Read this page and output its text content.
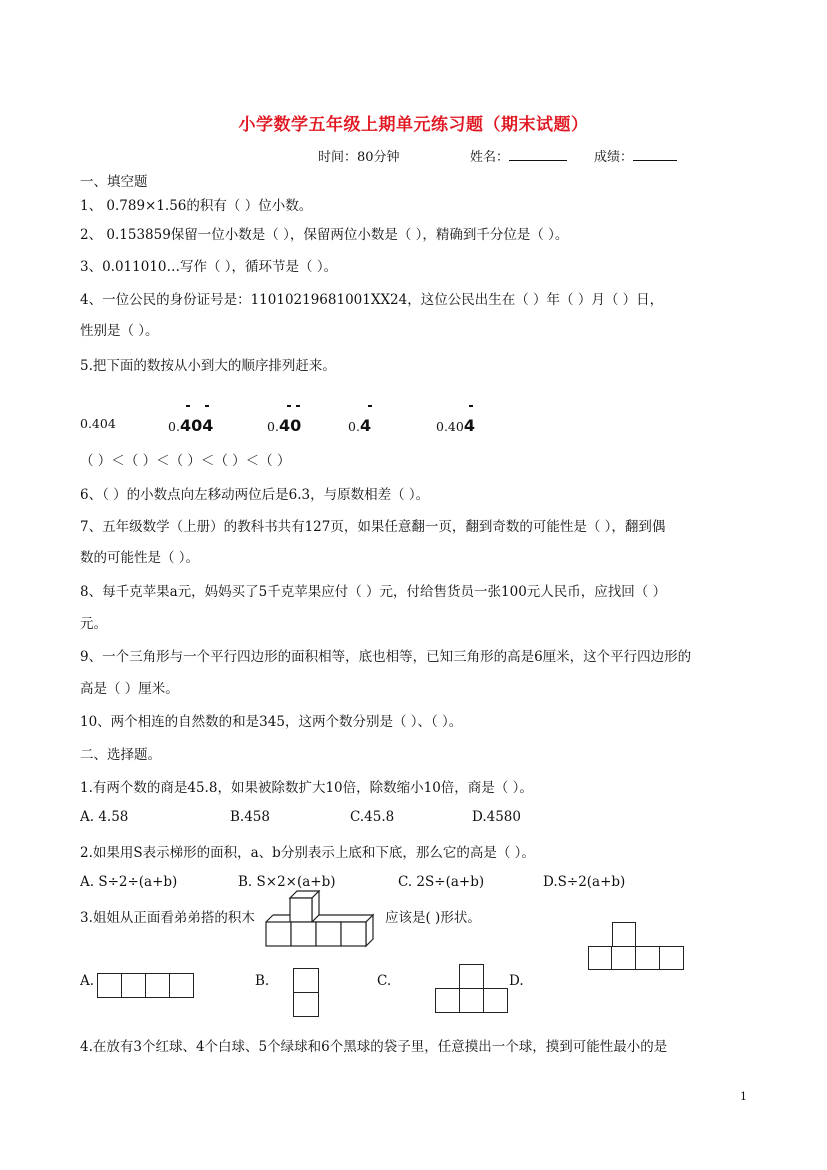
小学数学五年级上期单元练习题（期末试题）
时间：80分钟	姓名：	成绩：
一、填空题
1、 0.789×1.56的积有（ ）位小数。
2、 0.153859保留一位小数是（ ），保留两位小数是（ ），精确到千分位是（ ）。
3、0.011010…写作（ ），循环节是（ ）。
4、一位公民的身份证号是：11010219681001XX24，这位公民出生在（ ）年（ ）月（ ）日，
性别是（ ）。
5.把下面的数按从小到大的顺序排列赶来。
0.404	0.404	0.40	0.4	0.404
（ ）＜（ ）＜（ ）＜（ ）＜（ ）
6、（ ）的小数点向左移动两位后是6.3，与原数相差（ ）。
7、五年级数学（上册）的教科书共有127页，如果任意翻一页，翻到奇数的可能性是（ ），翻到偶
数的可能性是（ ）。
8、每千克苹果a元，妈妈买了5千克苹果应付（ ）元，付给售货员一张100元人民币，应找回（ ）
元。
9、一个三角形与一个平行四边形的面积相等，底也相等，已知三角形的高是6厘米，这个平行四边形的
高是（ ）厘米。
10、两个相连的自然数的和是345，这两个数分别是（ ）、（ ）。
二、选择题。
1.有两个数的商是45.8，如果被除数扩大10倍，除数缩小10倍，商是（ ）。
A. 4.58	B.458	C.45.8	D.4580
2.如果用S表示梯形的面积，a、b分别表示上底和下底，那么它的高是（ ）。
A. S÷2÷(a+b)	B. S×2×(a+b)	C. 2S÷(a+b)	D.S÷2(a+b)
3.姐姐从正面看弟弟搭的积木	应该是( )形状。
A.	B.	C.	D.
4.在放有3个红球、4个白球、5个绿球和6个黑球的袋子里，任意摸出一个球，摸到可能性最小的是
1
